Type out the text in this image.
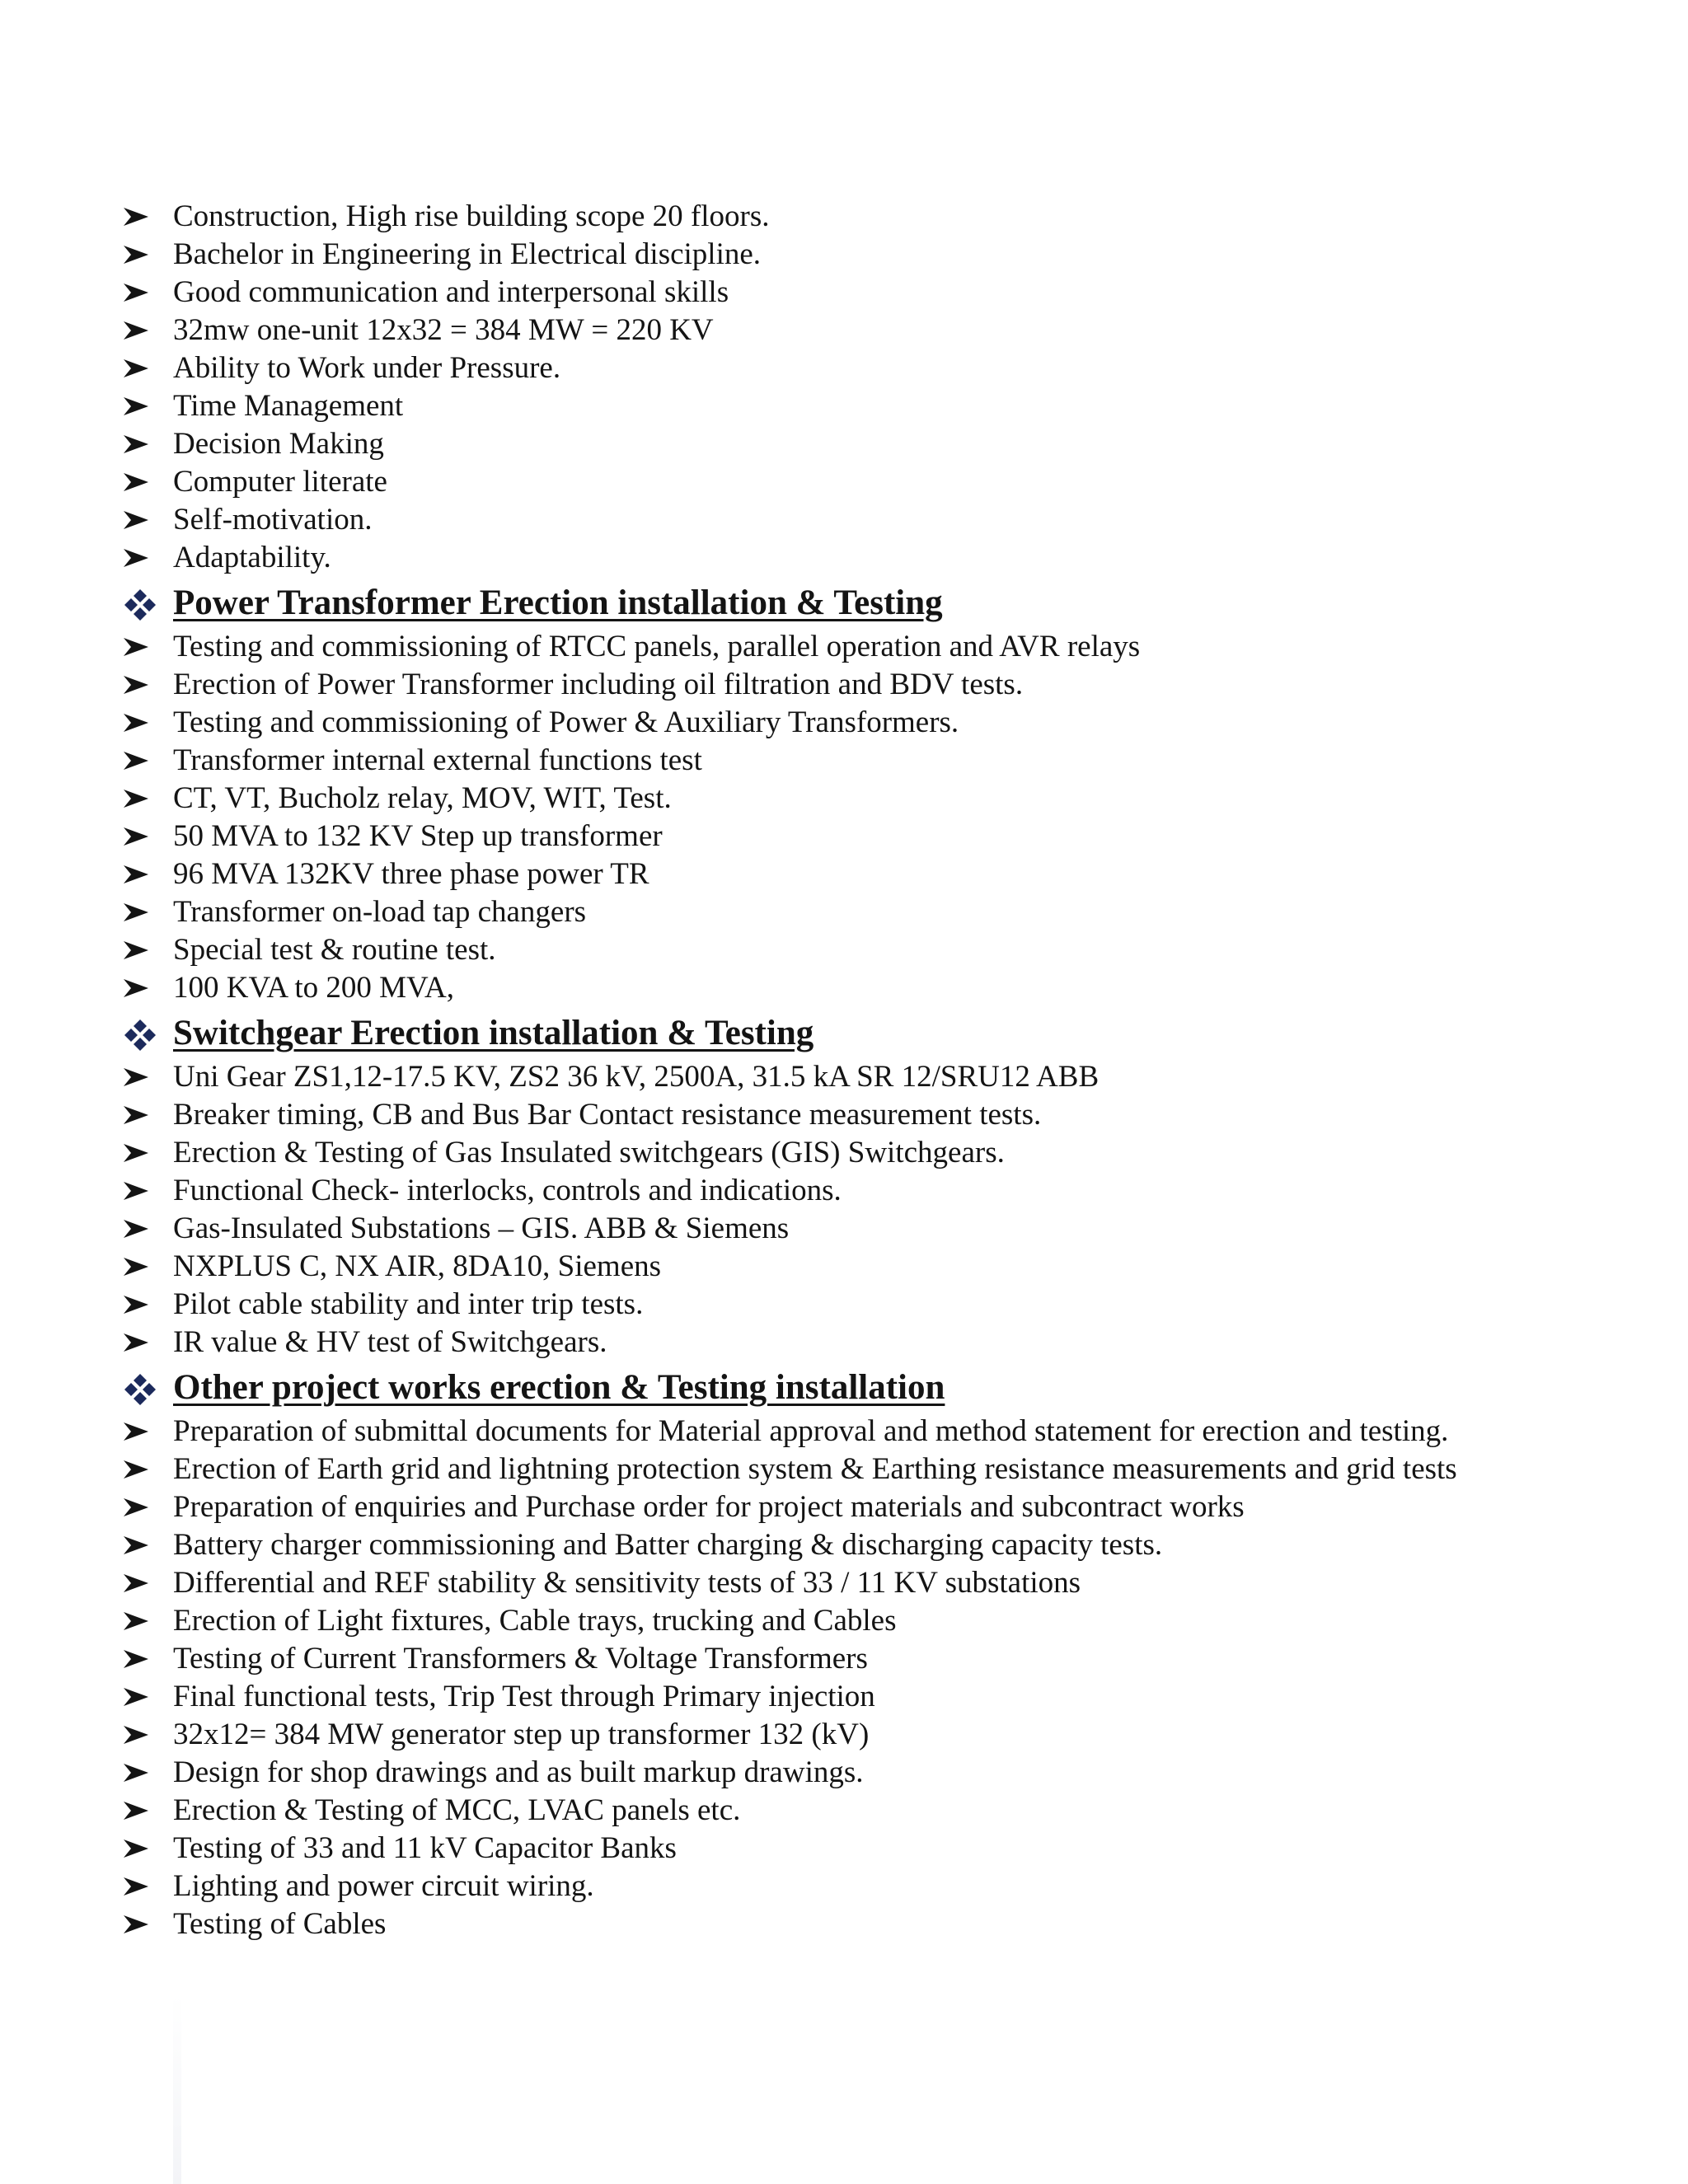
Construction, High rise building scope 20 floors.
Bachelor in Engineering in Electrical discipline.
Good communication and interpersonal skills
32mw one-unit 12x32 = 384 MW = 220 KV
Ability to Work under Pressure.
Time Management
Decision Making
Computer literate
Self-motivation.
Adaptability.
Power Transformer Erection installation & Testing
Testing and commissioning of RTCC panels, parallel operation and AVR relays
Erection of Power Transformer including oil filtration and BDV tests.
Testing and commissioning of Power & Auxiliary Transformers.
Transformer internal external functions test
CT, VT, Bucholz relay, MOV, WIT, Test.
50 MVA to 132 KV Step up transformer
96 MVA 132KV three phase power TR
Transformer on-load tap changers
Special test & routine test.
100 KVA to 200 MVA,
Switchgear Erection installation & Testing
Uni Gear ZS1,12-17.5 KV, ZS2 36 kV, 2500A, 31.5 kA SR 12/SRU12 ABB
Breaker timing, CB and Bus Bar Contact resistance measurement tests.
Erection & Testing of Gas Insulated switchgears (GIS) Switchgears.
Functional Check- interlocks, controls and indications.
Gas-Insulated Substations – GIS. ABB & Siemens
NXPLUS C, NX AIR, 8DA10, Siemens
Pilot cable stability and inter trip tests.
IR value & HV test of Switchgears.
Other project works erection & Testing installation
Preparation of submittal documents for Material approval and method statement for erection and testing.
Erection of Earth grid and lightning protection system & Earthing resistance measurements and grid tests
Preparation of enquiries and Purchase order for project materials and subcontract works
Battery charger commissioning and Batter charging & discharging capacity tests.
Differential and REF stability & sensitivity tests of 33 / 11 KV substations
Erection of Light fixtures, Cable trays, trucking and Cables
Testing of Current Transformers & Voltage Transformers
Final functional tests, Trip Test through Primary injection
32x12= 384 MW generator step up transformer 132 (kV)
Design for shop drawings and as built markup drawings.
Erection & Testing of MCC, LVAC panels etc.
Testing of 33 and 11 kV Capacitor Banks
Lighting and power circuit wiring.
Testing of Cables
